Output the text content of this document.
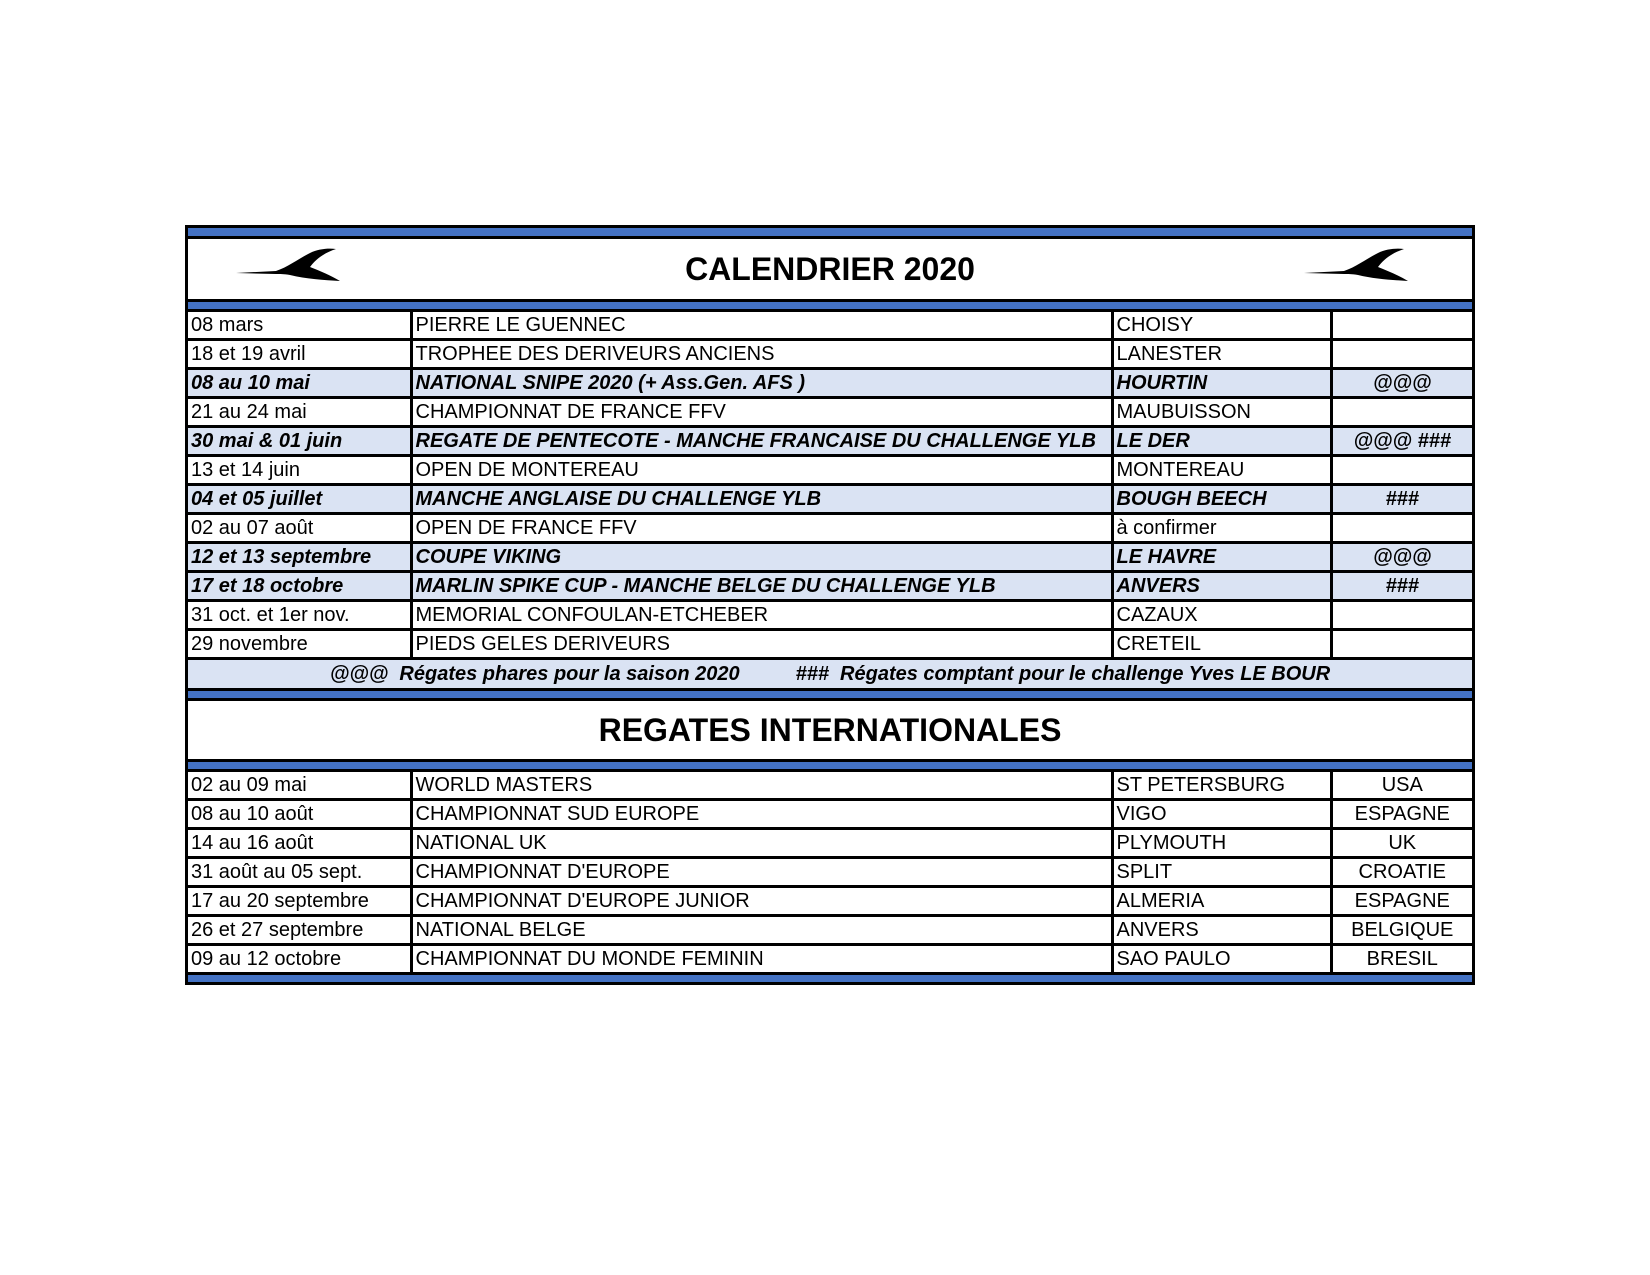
CALENDRIER 2020
08 mars	PIERRE LE GUENNEC	CHOISY	
18 et 19 avril	TROPHEE DES DERIVEURS ANCIENS	LANESTER	
08 au 10 mai	NATIONAL SNIPE 2020 (+ Ass.Gen. AFS )	HOURTIN	@@@
21 au 24 mai	CHAMPIONNAT DE FRANCE FFV	MAUBUISSON	
30 mai & 01 juin	REGATE DE PENTECOTE - MANCHE FRANCAISE DU CHALLENGE YLB	LE DER	@@@ ###
13 et 14 juin	OPEN DE MONTEREAU	MONTEREAU	
04 et 05 juillet	MANCHE ANGLAISE DU CHALLENGE YLB	BOUGH BEECH	###
02 au 07 août	OPEN DE FRANCE FFV	à confirmer	
12 et 13 septembre	COUPE VIKING	LE HAVRE	@@@
17 et 18 octobre	MARLIN SPIKE CUP - MANCHE BELGE DU CHALLENGE YLB	ANVERS	###
31 oct. et 1er nov.	MEMORIAL CONFOULAN-ETCHEBER	CAZAUX	
29 novembre	PIEDS GELES DERIVEURS	CRETEIL	
@@@  Régates phares pour la saison 2020	###  Régates comptant pour le challenge Yves LE BOUR
REGATES INTERNATIONALES
02 au 09 mai	WORLD MASTERS	ST PETERSBURG	USA
08 au 10 août	CHAMPIONNAT SUD EUROPE	VIGO	ESPAGNE
14 au 16 août	NATIONAL UK	PLYMOUTH	UK
31 août au 05 sept.	CHAMPIONNAT D'EUROPE	SPLIT	CROATIE
17 au 20 septembre	CHAMPIONNAT D'EUROPE JUNIOR	ALMERIA	ESPAGNE
26 et 27 septembre	NATIONAL BELGE	ANVERS	BELGIQUE
09 au 12 octobre	CHAMPIONNAT DU MONDE FEMININ	SAO PAULO	BRESIL
